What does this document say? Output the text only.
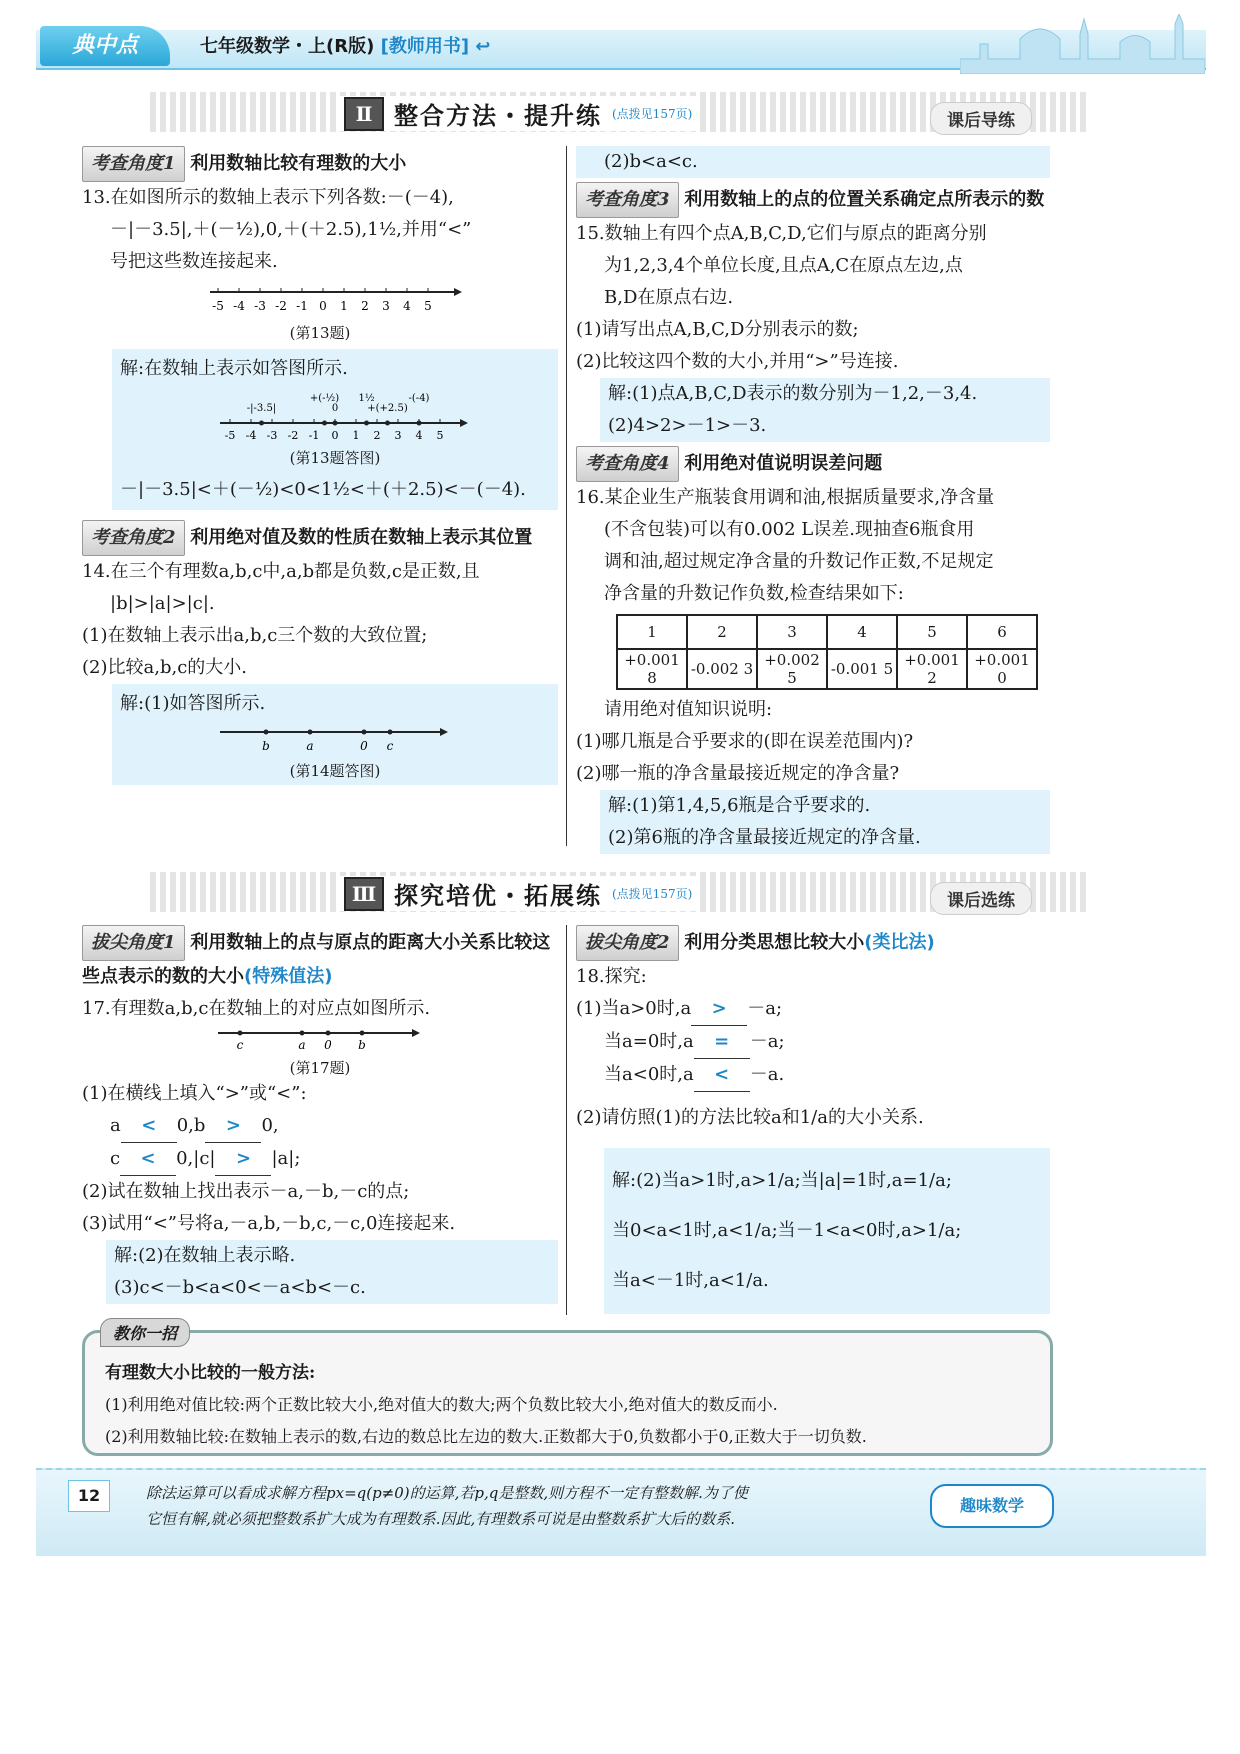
典中点	七年级数学・上(R版) [教师用书] ↩
Ⅱ 整合方法・提升练 (点拨见157页)	课后导练
考查角度1 利用数轴比较有理数的大小
13.在如图所示的数轴上表示下列各数:－(－4),
－|－3.5|,＋(－½),0,＋(＋2.5),1½,并用“<”
号把这些数连接起来.
-5 -4 -3 -2 -1 0 1 2 3 4 5
(第13题)
解:在数轴上表示如答图所示.
-5 -4 -3 -2 -1 0 1 2 3 4 5
-|-3.5|
+(-½)
0
1½
+(+2.5)
-(-4)
(第13题答图)
－|－3.5|<＋(－½)<0<1½<＋(＋2.5)<－(－4).
考查角度2 利用绝对值及数的性质在数轴上表示其位置
14.在三个有理数a,b,c中,a,b都是负数,c是正数,且
|b|>|a|>|c|.
(1)在数轴上表示出a,b,c三个数的大致位置;
(2)比较a,b,c的大小.
解:(1)如答图所示.
b	a	0 c
(第14题答图)
(2)b<a<c.
考查角度3 利用数轴上的点的位置关系确定点所表示的数
15.数轴上有四个点A,B,C,D,它们与原点的距离分别
为1,2,3,4个单位长度,且点A,C在原点左边,点
B,D在原点右边.
(1)请写出点A,B,C,D分别表示的数;
(2)比较这四个数的大小,并用“>”号连接.
解:(1)点A,B,C,D表示的数分别为－1,2,－3,4.
(2)4>2>－1>－3.
考查角度4 利用绝对值说明误差问题
16.某企业生产瓶装食用调和油,根据质量要求,净含量
(不含包装)可以有0.002 L误差.现抽查6瓶食用
调和油,超过规定净含量的升数记作正数,不足规定
净含量的升数记作负数,检查结果如下:
1	2	3	4	5	6
+0.001 8	-0.002 3	+0.002 5	-0.001 5	+0.001 2	+0.001 0
请用绝对值知识说明:
(1)哪几瓶是合乎要求的(即在误差范围内)?
(2)哪一瓶的净含量最接近规定的净含量?
解:(1)第1,4,5,6瓶是合乎要求的.
(2)第6瓶的净含量最接近规定的净含量.
Ⅲ 探究培优・拓展练 (点拨见157页)	课后选练
拔尖角度1 利用数轴上的点与原点的距离大小关系比较这些点表示的数的大小(特殊值法)
17.有理数a,b,c在数轴上的对应点如图所示.
c	a 0 b
(第17题)
(1)在横线上填入“>”或“<”:
a < 0,b > 0,
c < 0,|c| > |a|;
(2)试在数轴上找出表示－a,－b,－c的点;
(3)试用“<”号将a,－a,b,－b,c,－c,0连接起来.
解:(2)在数轴上表示略.
(3)c<－b<a<0<－a<b<－c.
拔尖角度2 利用分类思想比较大小(类比法)
18.探究:
(1)当a>0时,a > －a;
当a=0时,a = －a;
当a<0时,a < －a.
(2)请仿照(1)的方法比较a和1/a的大小关系.
解:(2)当a>1时,a>1/a;当|a|=1时,a=1/a;
当0<a<1时,a<1/a;当－1<a<0时,a>1/a;
当a<－1时,a<1/a.
有理数大小比较的一般方法:
(1)利用绝对值比较:两个正数比较大小,绝对值大的数大;两个负数比较大小,绝对值大的数反而小.
(2)利用数轴比较:在数轴上表示的数,右边的数总比左边的数大.正数都大于0,负数都小于0,正数大于一切负数.
教你一招
12	除法运算可以看成求解方程px=q(p≠0)的运算,若p,q是整数,则方程不一定有整数解.为了使
它恒有解,就必须把整数系扩大成为有理数系.因此,有理数系可说是由整数系扩大后的数系.
趣味数学
